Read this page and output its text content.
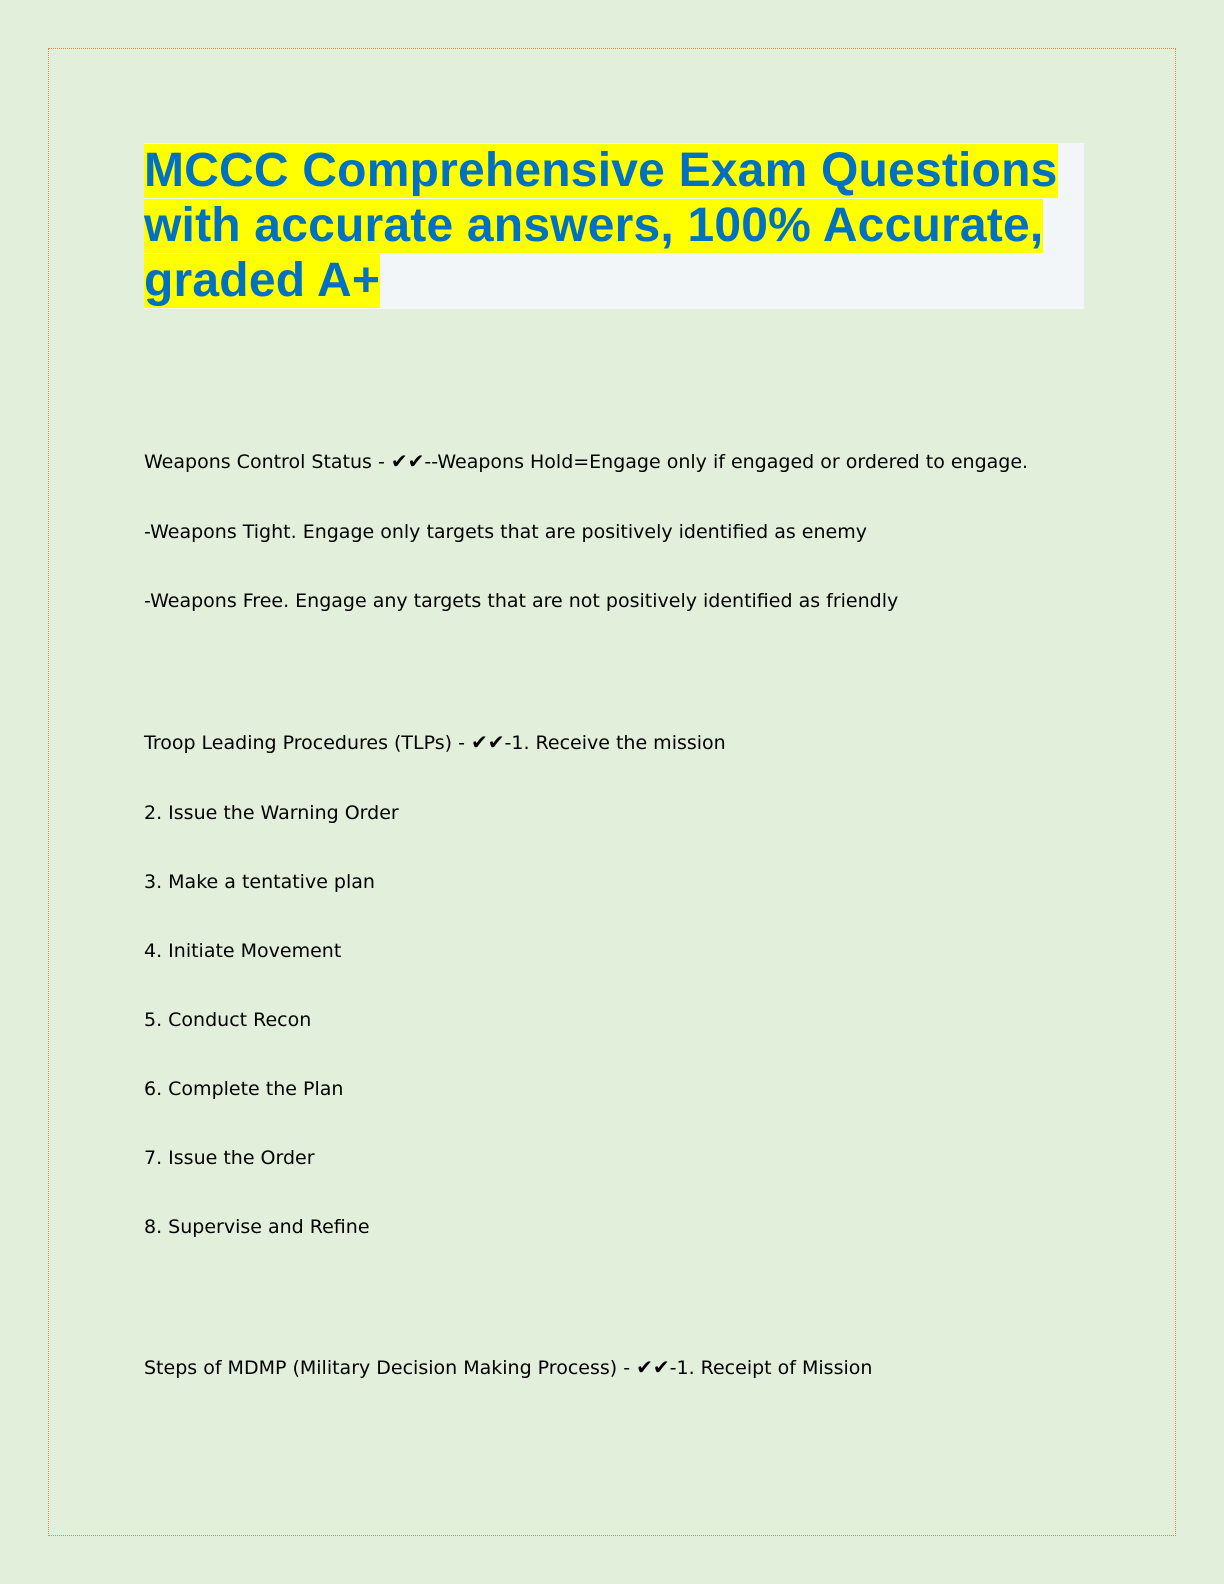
MCCC Comprehensive Exam Questions
with accurate answers, 100% Accurate,
graded A+

Weapons Control Status - ✔✔--Weapons Hold=Engage only if engaged or ordered to engage.

-Weapons Tight. Engage only targets that are positively identified as enemy

-Weapons Free. Engage any targets that are not positively identified as friendly

Troop Leading Procedures (TLPs) - ✔✔-1. Receive the mission

2. Issue the Warning Order

3. Make a tentative plan

4. Initiate Movement

5. Conduct Recon

6. Complete the Plan

7. Issue the Order

8. Supervise and Refine

Steps of MDMP (Military Decision Making Process) - ✔✔-1. Receipt of Mission
